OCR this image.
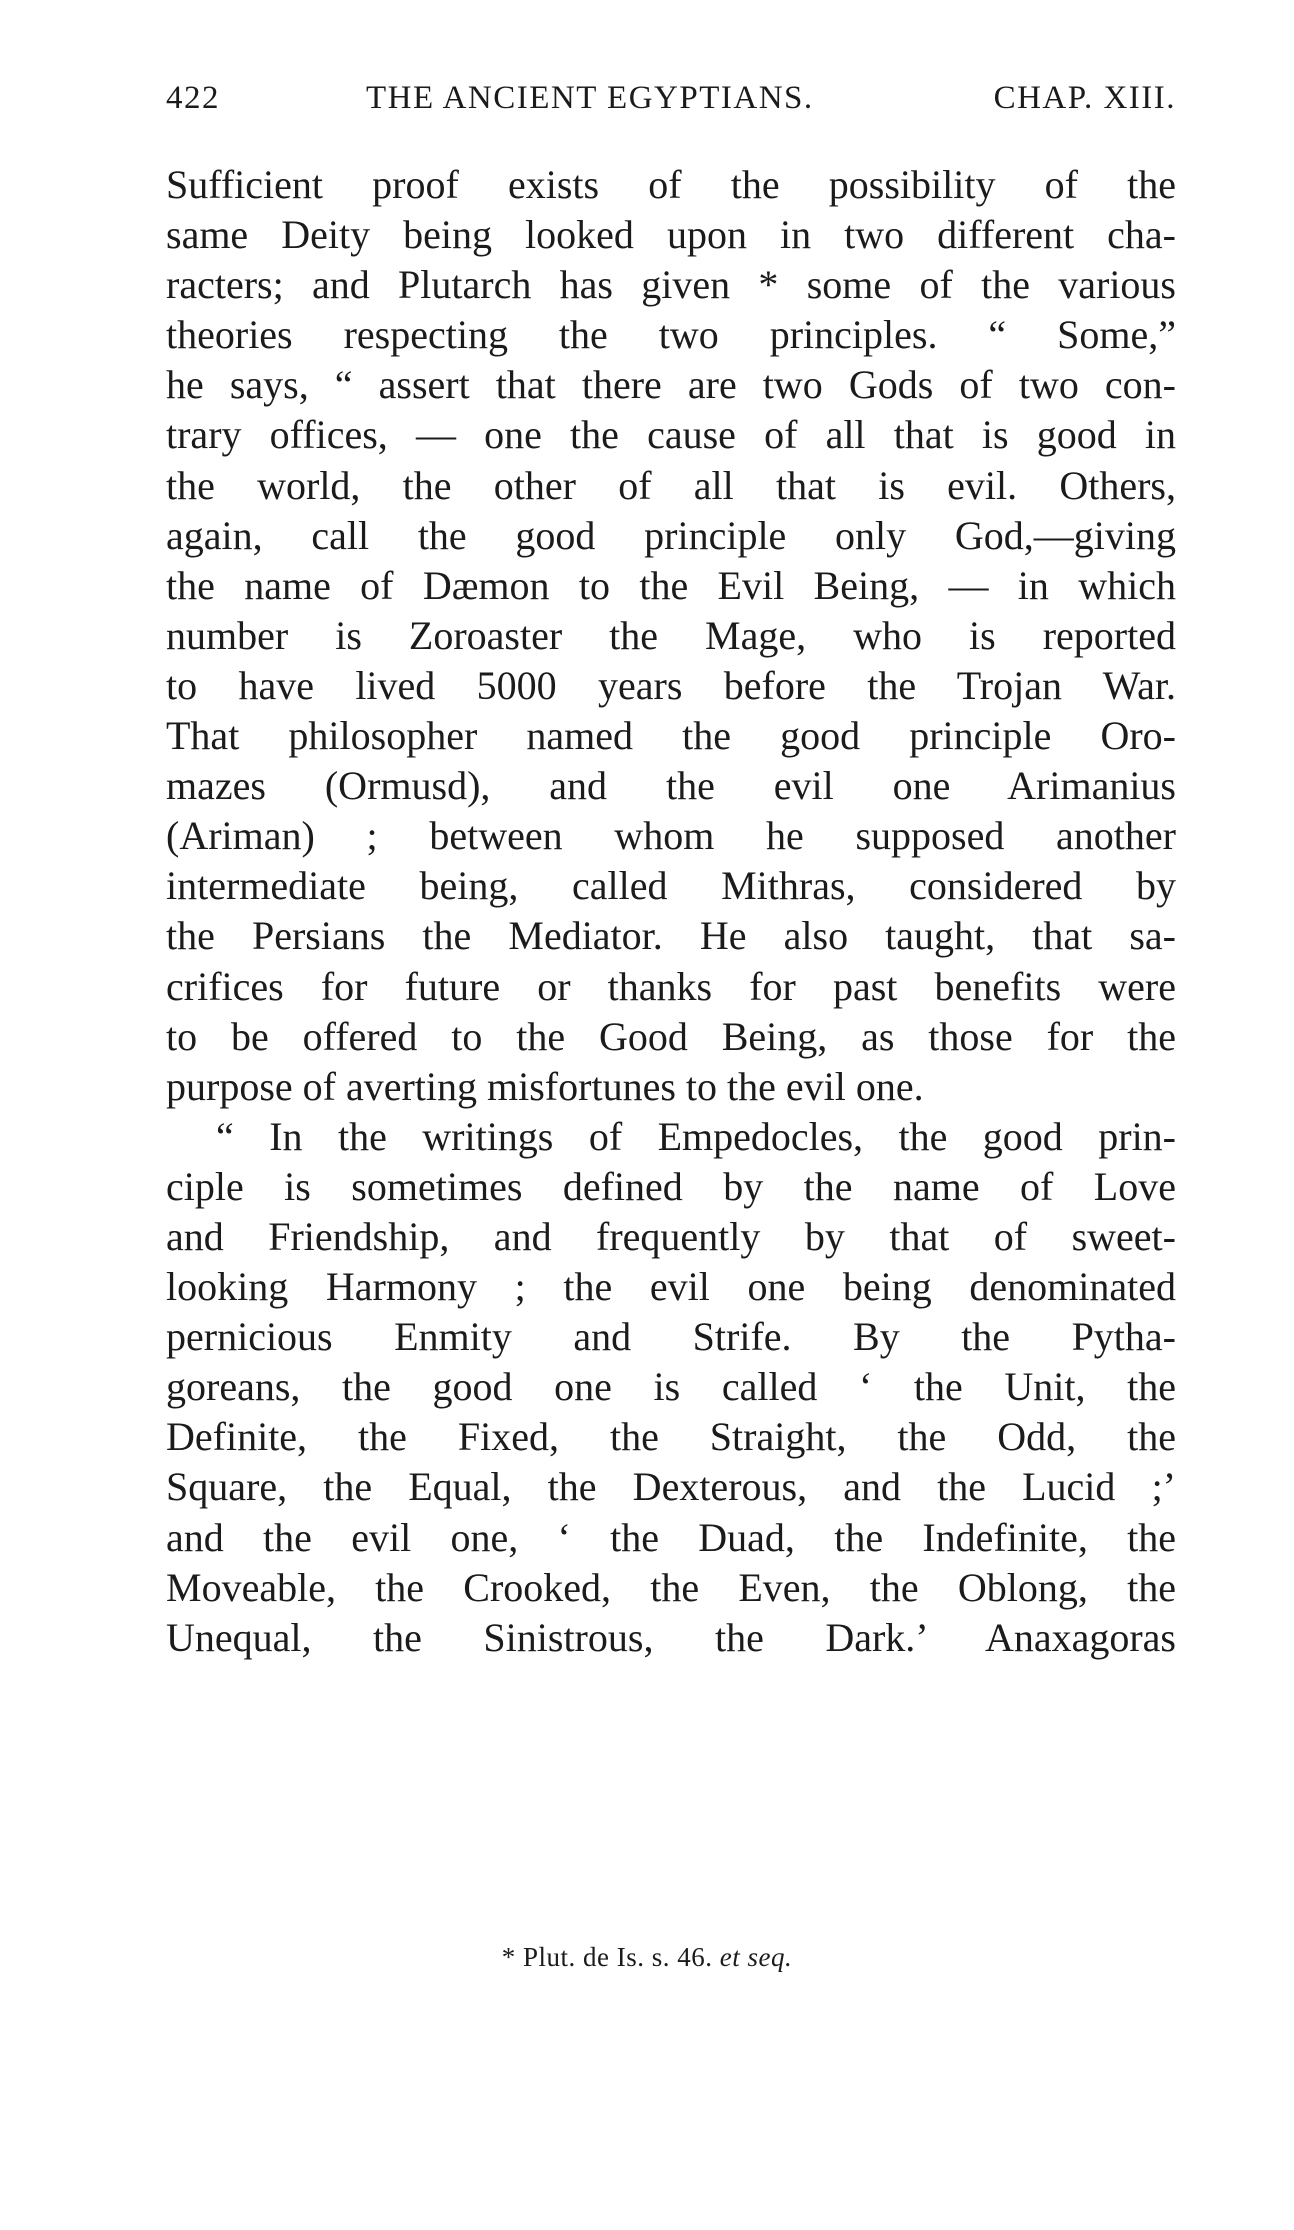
422	THE ANCIENT EGYPTIANS.	CHAP. XIII.
Sufficient proof exists of the possibility of the
same Deity being looked upon in two different cha-
racters; and Plutarch has given * some of the various
theories respecting the two principles. “ Some,”
he says, “ assert that there are two Gods of two con-
trary offices, — one the cause of all that is good in
the world, the other of all that is evil. Others,
again, call the good principle only God,—giving
the name of Dæmon to the Evil Being, — in which
number is Zoroaster the Mage, who is reported
to have lived 5000 years before the Trojan War.
That philosopher named the good principle Oro-
mazes (Ormusd), and the evil one Arimanius
(Ariman) ; between whom he supposed another
intermediate being, called Mithras, considered by
the Persians the Mediator. He also taught, that sa-
crifices for future or thanks for past benefits were
to be offered to the Good Being, as those for the
purpose of averting misfortunes to the evil one.
“ In the writings of Empedocles, the good prin-
ciple is sometimes defined by the name of Love
and Friendship, and frequently by that of sweet-
looking Harmony ; the evil one being denominated
pernicious Enmity and Strife. By the Pytha-
goreans, the good one is called ‘ the Unit, the
Definite, the Fixed, the Straight, the Odd, the
Square, the Equal, the Dexterous, and the Lucid ;’
and the evil one, ‘ the Duad, the Indefinite, the
Moveable, the Crooked, the Even, the Oblong, the
Unequal, the Sinistrous, the Dark.’ Anaxagoras
* Plut. de Is. s. 46. et seq.
